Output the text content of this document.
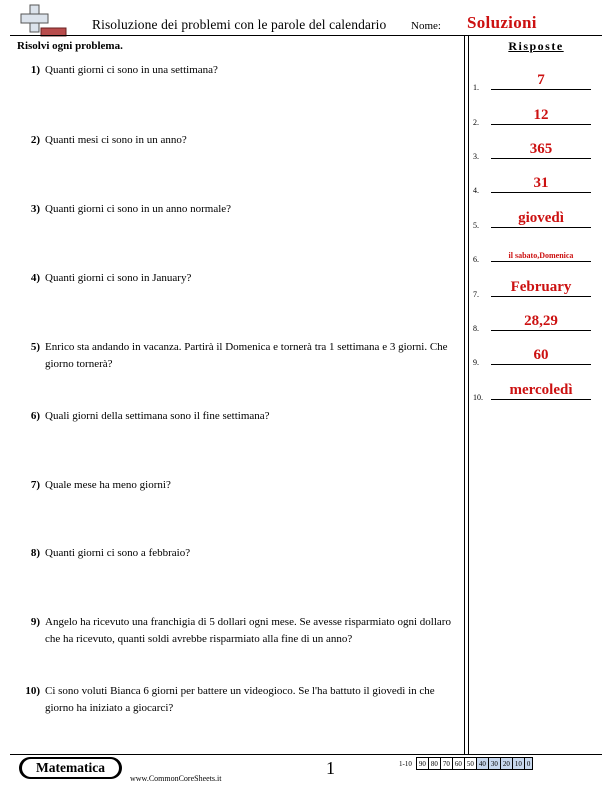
Risoluzione dei problemi con le parole del calendario Nome: Soluzioni
Risolvi ogni problema.	Risposte
1) Quanti giorni ci sono in una settimana?
2) Quanti mesi ci sono in un anno?
3) Quanti giorni ci sono in un anno normale?
4) Quanti giorni ci sono in January?
5) Enrico sta andando in vacanza. Partirà il Domenica e tornerà tra 1 settimana e 3 giorni. Che giorno tornerà?
6) Quali giorni della settimana sono il fine settimana?
7) Quale mese ha meno giorni?
8) Quanti giorni ci sono a febbraio?
9) Angelo ha ricevuto una franchigia di 5 dollari ogni mese. Se avesse risparmiato ogni dollaro che ha ricevuto, quanti soldi avrebbe risparmiato alla fine di un anno?
10) Ci sono voluti Bianca 6 giorni per battere un videogioco. Se l'ha battuto il giovedì in che giorno ha iniziato a giocarci?
1.	7
2.	12
3.	365
4.	31
5.	giovedì
6.	il sabato,Domenica
7.	February
8.	28,29
9.	60
10.	mercoledì
Matematica
www.CommonCoreSheets.it
1	1-10	90	80	70	60	50	40	30	20	10	0
